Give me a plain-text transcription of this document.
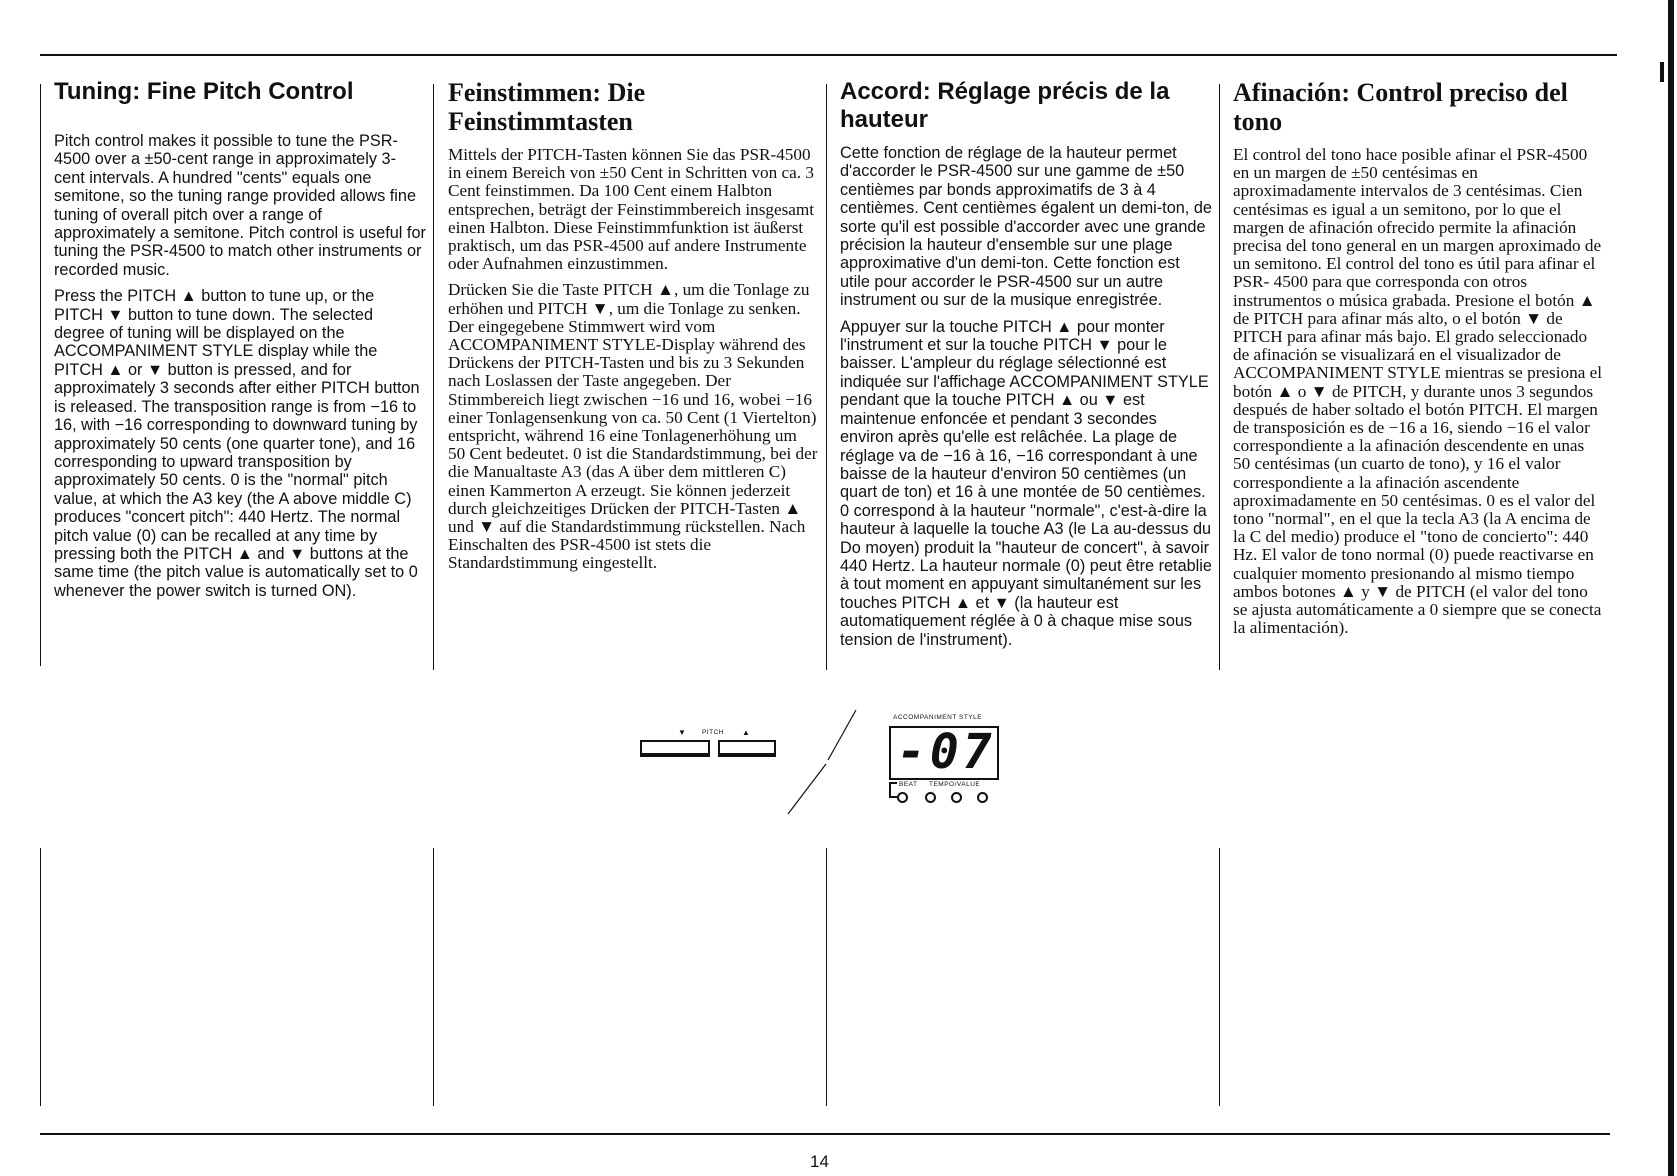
Tuning: Fine Pitch Control

Pitch control makes it possible to tune the PSR-4500 over a ±50-cent range in approximately 3-cent intervals. A hundred "cents" equals one semitone, so the tuning range provided allows fine tuning of overall pitch over a range of approximately a semitone. Pitch control is useful for tuning the PSR-4500 to match other instruments or recorded music.

Press the PITCH ▲ button to tune up, or the PITCH ▼ button to tune down. The selected degree of tuning will be displayed on the ACCOMPANIMENT STYLE display while the PITCH ▲ or ▼ button is pressed, and for approximately 3 seconds after either PITCH button is released. The transposition range is from −16 to 16, with −16 corresponding to downward tuning by approximately 50 cents (one quarter tone), and 16 corresponding to upward transposition by approximately 50 cents. 0 is the "normal" pitch value, at which the A3 key (the A above middle C) produces "concert pitch": 440 Hertz. The normal pitch value (0) can be recalled at any time by pressing both the PITCH ▲ and ▼ buttons at the same time (the pitch value is automatically set to 0 whenever the power switch is turned ON).

Feinstimmen: Die Feinstimmtasten

Mittels der PITCH-Tasten können Sie das PSR-4500 in einem Bereich von ±50 Cent in Schritten von ca. 3 Cent feinstimmen. Da 100 Cent einem Halbton entsprechen, beträgt der Feinstimmbereich insgesamt einen Halbton. Diese Feinstimmfunktion ist äußerst praktisch, um das PSR-4500 auf andere Instrumente oder Aufnahmen einzustimmen.

Drücken Sie die Taste PITCH ▲, um die Tonlage zu erhöhen und PITCH ▼, um die Tonlage zu senken. Der eingegebene Stimmwert wird vom ACCOMPANIMENT STYLE-Display während des Drückens der PITCH-Tasten und bis zu 3 Sekunden nach Loslassen der Taste angegeben. Der Stimmbereich liegt zwischen −16 und 16, wobei −16 einer Tonlagensenkung von ca. 50 Cent (1 Viertelton) entspricht, während 16 eine Tonlagenerhöhung um 50 Cent bedeutet. 0 ist die Standardstimmung, bei der die Manualtaste A3 (das A über dem mittleren C) einen Kammerton A erzeugt. Sie können jederzeit durch gleichzeitiges Drücken der PITCH-Tasten ▲ und ▼ auf die Standardstimmung rückstellen. Nach Einschalten des PSR-4500 ist stets die Standardstimmung eingestellt.

Accord: Réglage précis de la hauteur

Cette fonction de réglage de la hauteur permet d'accorder le PSR-4500 sur une gamme de ±50 centièmes par bonds approximatifs de 3 à 4 centièmes. Cent centièmes égalent un demi-ton, de sorte qu'il est possible d'accorder avec une grande précision la hauteur d'ensemble sur une plage approximative d'un demi-ton. Cette fonction est utile pour accorder le PSR-4500 sur un autre instrument ou sur de la musique enregistrée.

Appuyer sur la touche PITCH ▲ pour monter l'instrument et sur la touche PITCH ▼ pour le baisser. L'ampleur du réglage sélectionné est indiquée sur l'affichage ACCOMPANIMENT STYLE pendant que la touche PITCH ▲ ou ▼ est maintenue enfoncée et pendant 3 secondes environ après qu'elle est relâchée. La plage de réglage va de −16 à 16, −16 correspondant à une baisse de la hauteur d'environ 50 centièmes (un quart de ton) et 16 à une montée de 50 centièmes. 0 correspond à la hauteur "normale", c'est-à-dire la hauteur à laquelle la touche A3 (le La au-dessus du Do moyen) produit la "hauteur de concert", à savoir 440 Hertz. La hauteur normale (0) peut être retablie à tout moment en appuyant simultanément sur les touches PITCH ▲ et ▼ (la hauteur est automatiquement réglée à 0 à chaque mise sous tension de l'instrument).

Afinación: Control preciso del tono

El control del tono hace posible afinar el PSR-4500 en un margen de ±50 centésimas en aproximadamente intervalos de 3 centésimas. Cien centésimas es igual a un semitono, por lo que el margen de afinación ofrecido permite la afinación precisa del tono general en un margen aproximado de un semitono. El control del tono es útil para afinar el PSR- 4500 para que corresponda con otros instrumentos o música grabada. Presione el botón ▲ de PITCH para afinar más alto, o el botón ▼ de PITCH para afinar más bajo. El grado seleccionado de afinación se visualizará en el visualizador de ACCOMPANIMENT STYLE mientras se presiona el botón ▲ o ▼ de PITCH, y durante unos 3 segundos después de haber soltado el botón PITCH. El margen de transposición es de −16 a 16, siendo −16 el valor correspondiente a la afinación descendente en unas 50 centésimas (un cuarto de tono), y 16 el valor correspondiente a la afinación ascendente aproximadamente en 50 centésimas. 0 es el valor del tono "normal", en el que la tecla A3 (la A encima de la C del medio) produce el "tono de concierto": 440 Hz. El valor de tono normal (0) puede reactivarse en cualquier momento presionando al mismo tiempo ambos botones ▲ y ▼ de PITCH (el valor del tono se ajusta automáticamente a 0 siempre que se conecta la alimentación).

▼ PITCH ▲
ACCOMPANIMENT STYLE
-07
BEAT TEMPO/VALUE
14
